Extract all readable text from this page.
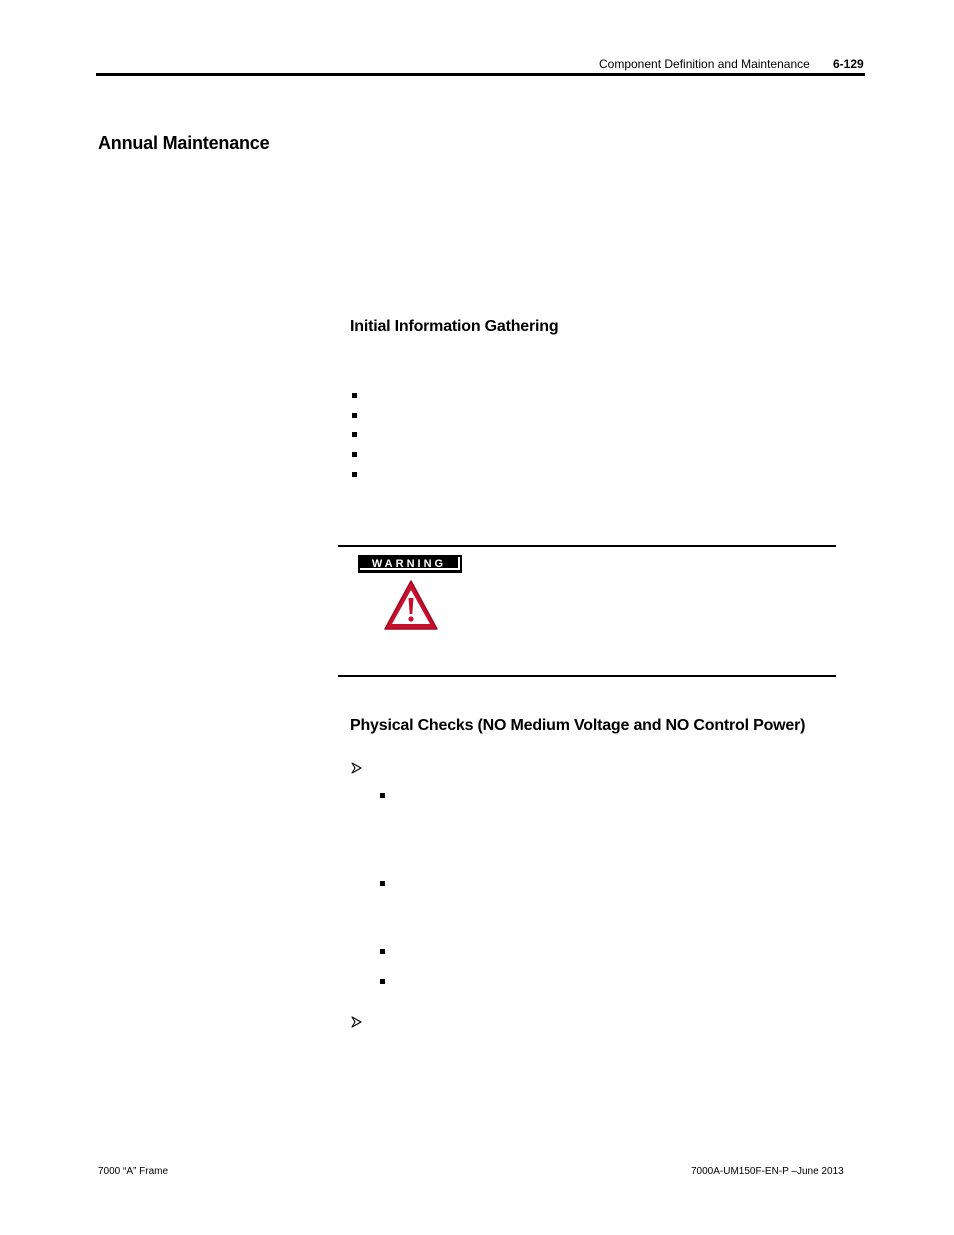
Component Definition and Maintenance 6-129
Annual Maintenance
Initial Information Gathering
WARNING
Physical Checks (NO Medium Voltage and NO Control Power)
7000 “A” Frame	7000A-UM150F-EN-P –June 2013
